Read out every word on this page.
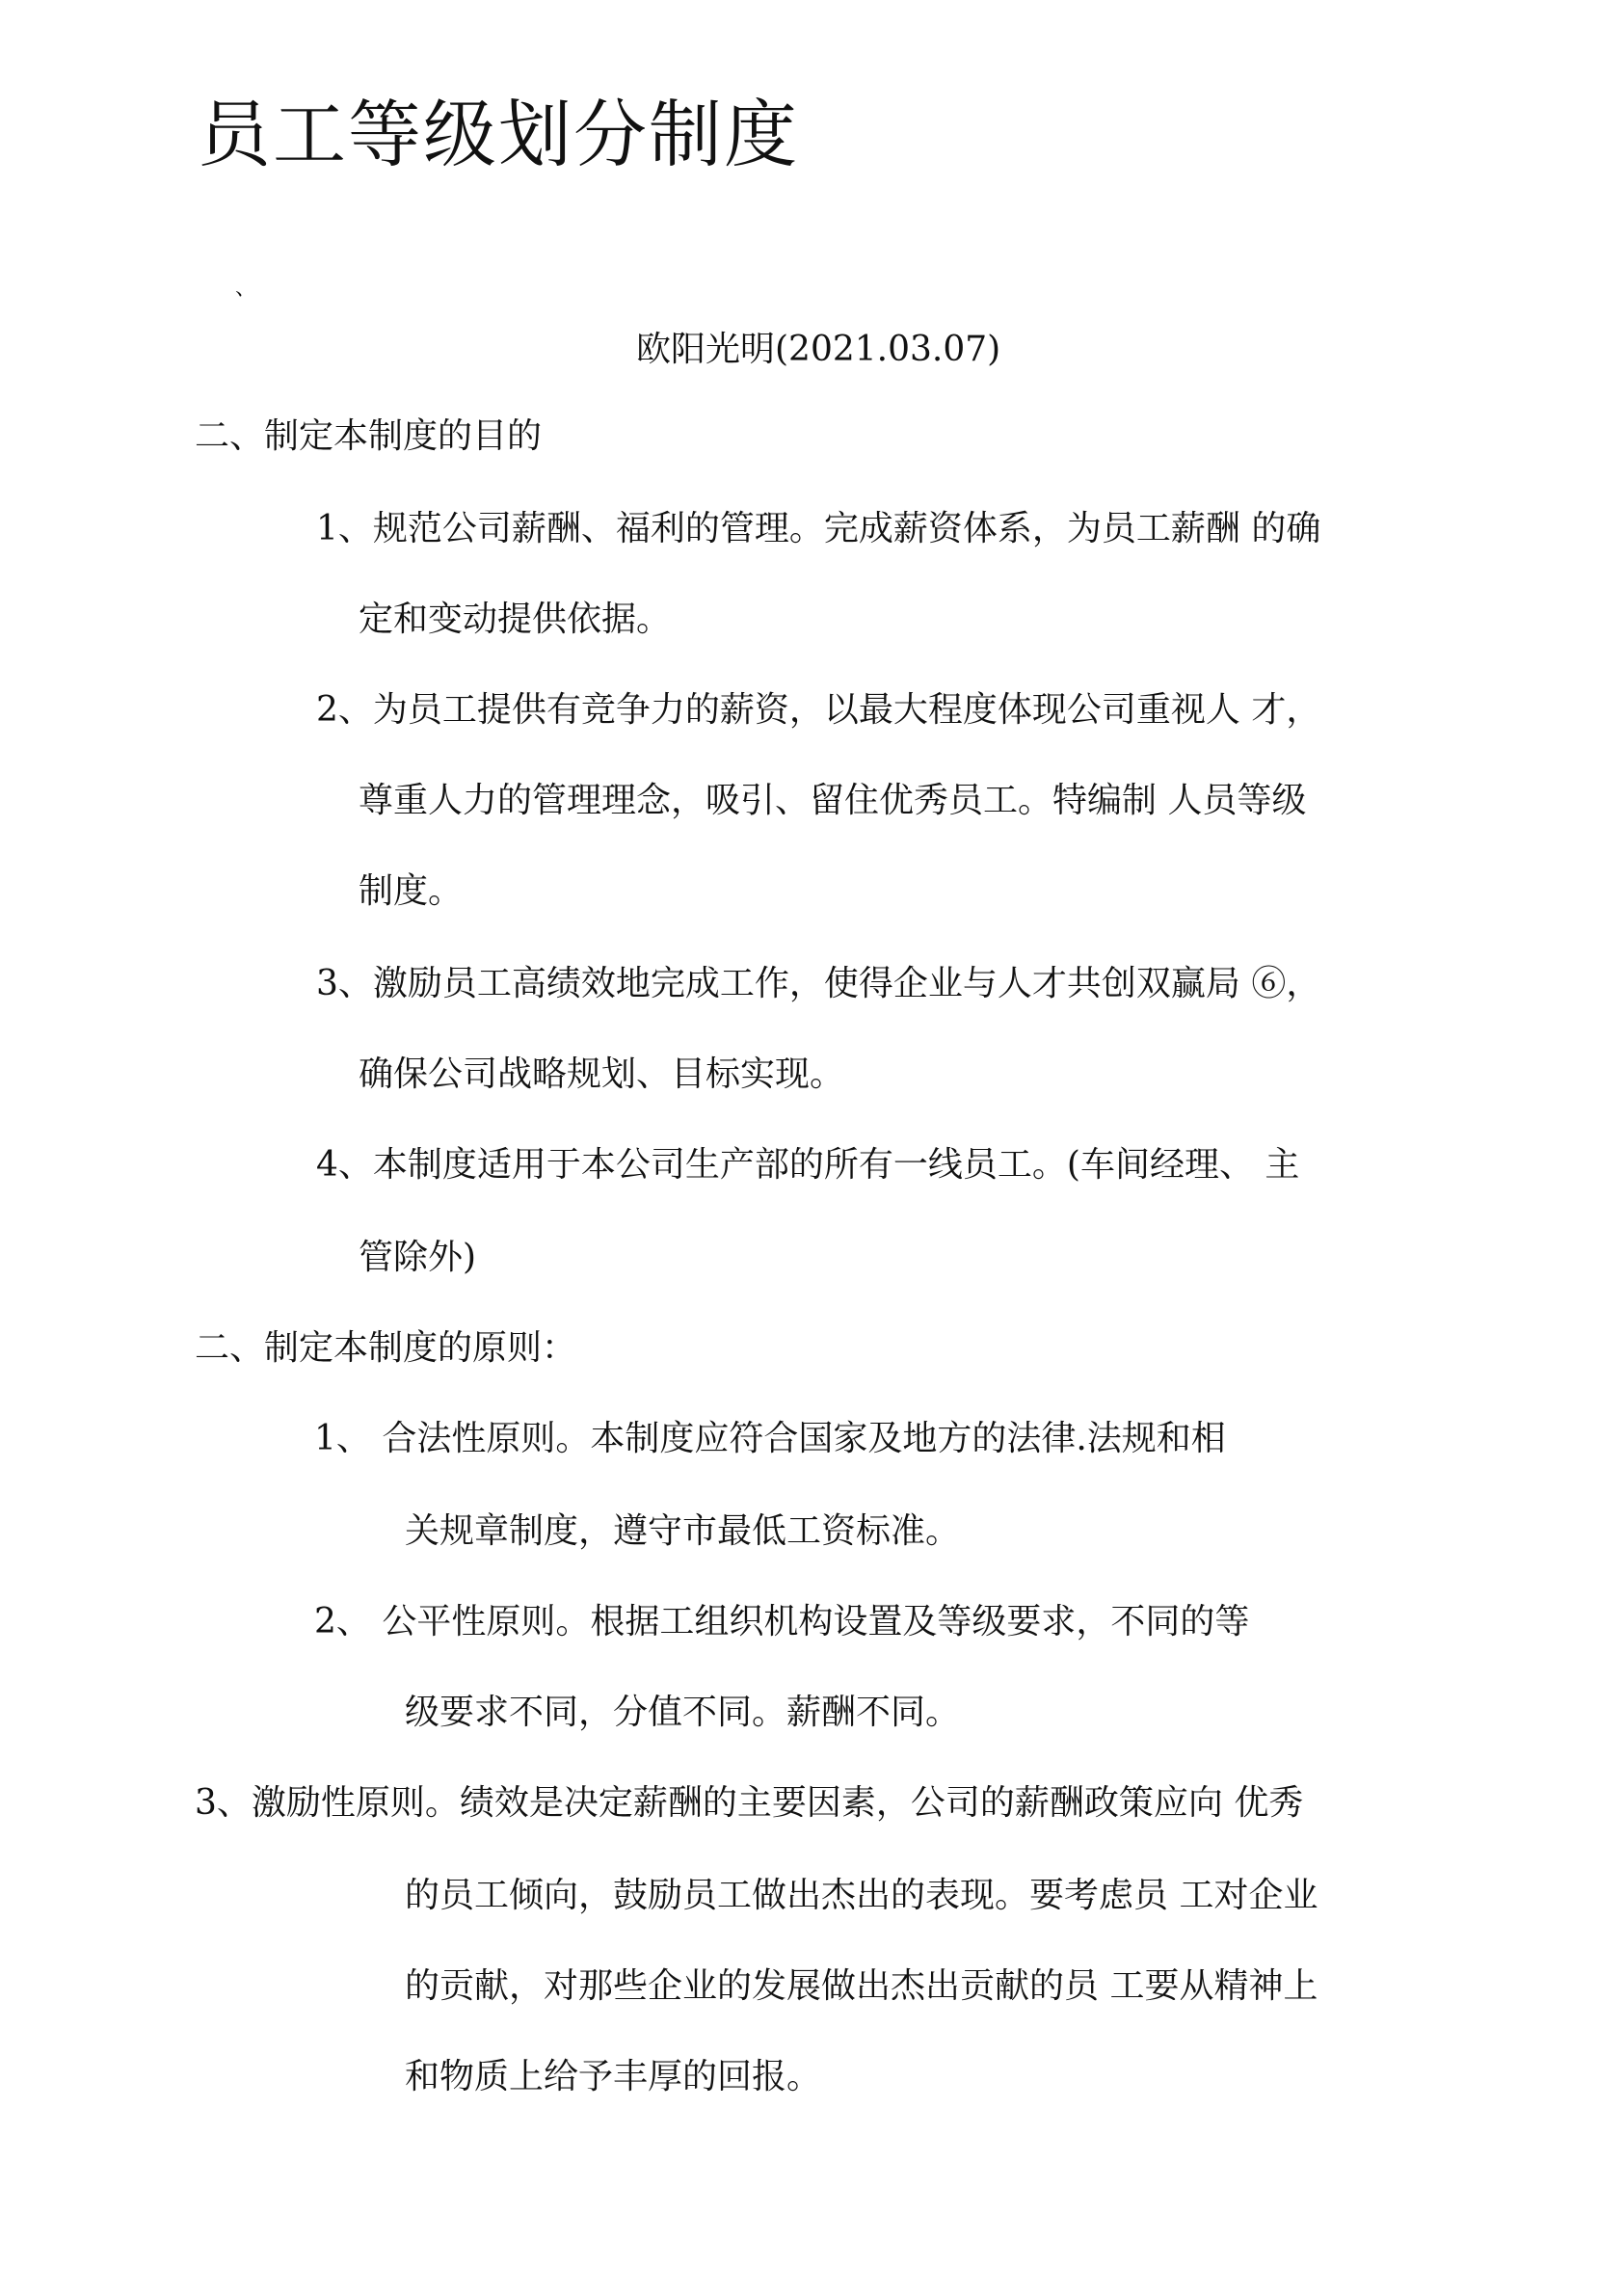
员工等级划分制度
、
欧阳光明(2021.03.07)

二、制定本制度的目的

1、规范公司薪酬、福利的管理。完成薪资体系，为员工薪酬 的确

定和变动提供依据。

2、为员工提供有竞争力的薪资，以最大程度体现公司重视人 才，

尊重人力的管理理念，吸引、留住优秀员工。特编制 人员等级

制度。

3、激励员工高绩效地完成工作，使得企业与人才共创双赢局 ⑥，

确保公司战略规划、目标实现。

4、本制度适用于本公司生产部的所有一线员工。(车间经理、 主

管除外)

二、制定本制度的原则：

1、 合法性原则。本制度应符合国家及地方的法律.法规和相

关规章制度，遵守市最低工资标准。

2、 公平性原则。根据工组织机构设置及等级要求，不同的等

级要求不同，分值不同。薪酬不同。

3、激励性原则。绩效是决定薪酬的主要因素，公司的薪酬政策应向 优秀

的员工倾向，鼓励员工做出杰出的表现。要考虑员 工对企业

的贡献，对那些企业的发展做出杰出贡献的员 工要从精神上

和物质上给予丰厚的回报。
